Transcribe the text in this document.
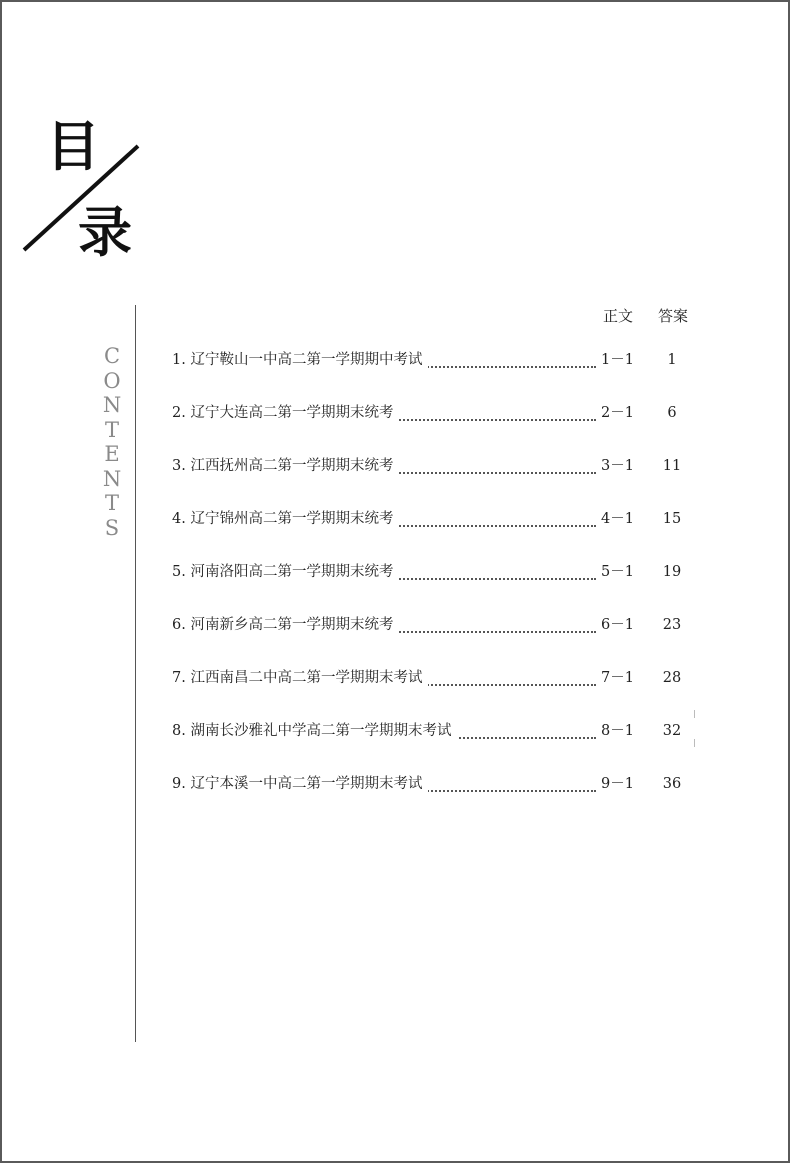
目
录
C
O
N
T
E
N
T
S
正文 答案
1. 辽宁鞍山一中高二第一学期期中考试	1－1	1
2. 辽宁大连高二第一学期期末统考	2－1	6
3. 江西抚州高二第一学期期末统考	3－1	11
4. 辽宁锦州高二第一学期期末统考	4－1	15
5. 河南洛阳高二第一学期期末统考	5－1	19
6. 河南新乡高二第一学期期末统考	6－1	23
7. 江西南昌二中高二第一学期期末考试	7－1	28
8. 湖南长沙雅礼中学高二第一学期期末考试	8－1	32
9. 辽宁本溪一中高二第一学期期末考试	9－1	36
